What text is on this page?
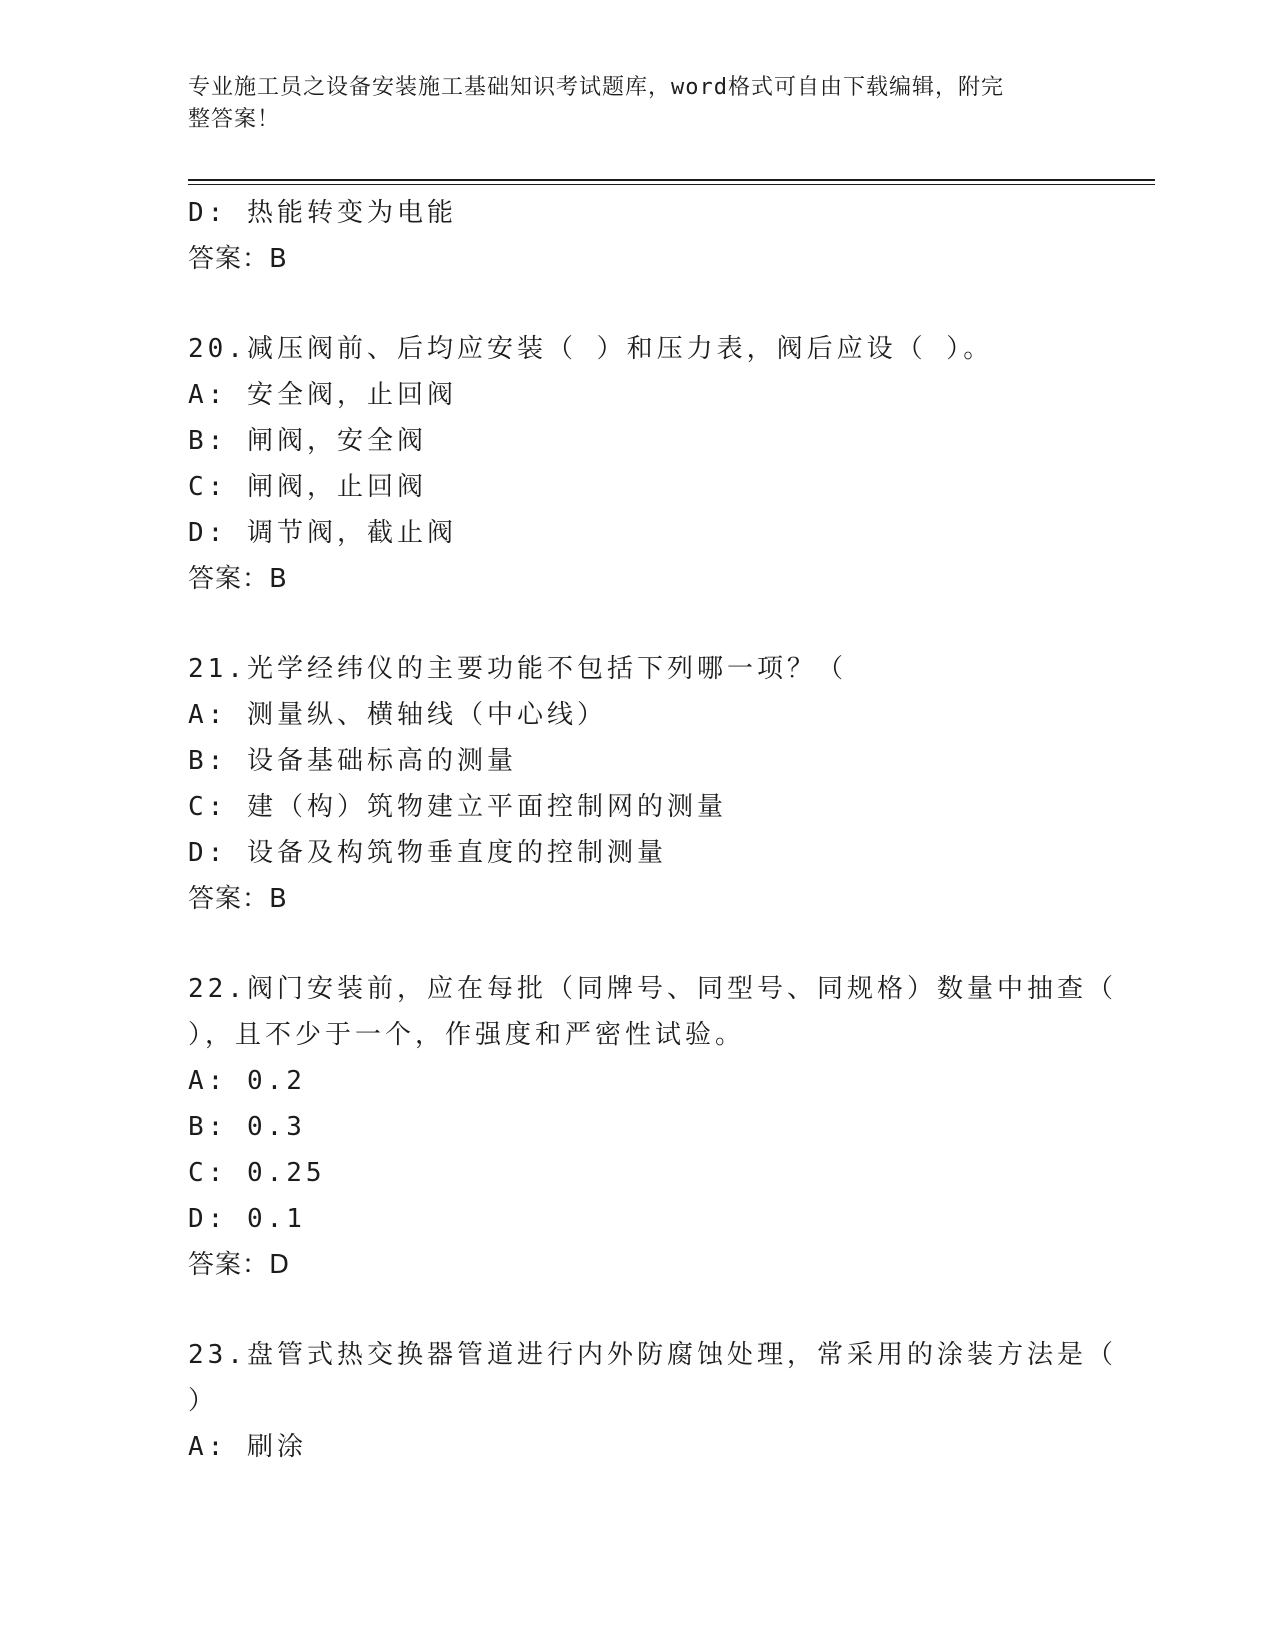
专业施工员之设备安装施工基础知识考试题库，word格式可自由下载编辑，附完
整答案！
D: 热能转变为电能
答案：B
20.减压阀前、后均应安装（ ）和压力表，阀后应设（ ）。
A: 安全阀，止回阀
B: 闸阀，安全阀
C: 闸阀，止回阀
D: 调节阀，截止阀
答案：B
21.光学经纬仪的主要功能不包括下列哪一项？（
A: 测量纵、横轴线（中心线）
B: 设备基础标高的测量
C: 建（构）筑物建立平面控制网的测量
D: 设备及构筑物垂直度的控制测量
答案：B
22.阀门安装前，应在每批（同牌号、同型号、同规格）数量中抽查（
），且不少于一个，作强度和严密性试验。
A: 0.2
B: 0.3
C: 0.25
D: 0.1
答案：D
23.盘管式热交换器管道进行内外防腐蚀处理，常采用的涂装方法是（
）
A: 刷涂
